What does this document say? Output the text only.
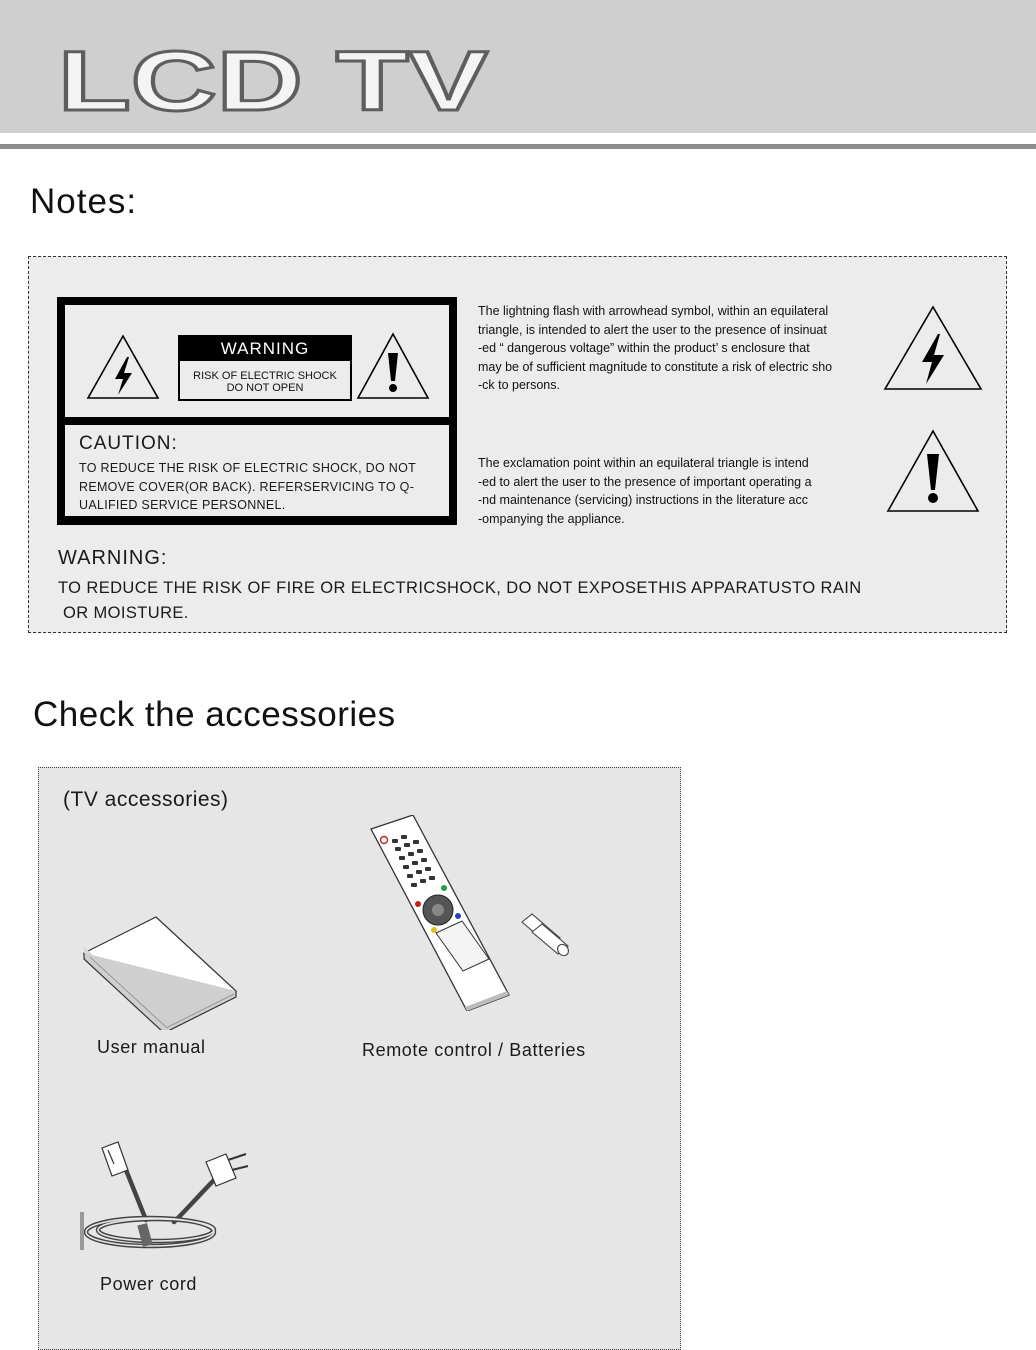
LCD TV
Notes:
WARNING
RISK OF ELECTRIC SHOCK
DO NOT OPEN
CAUTION:
TO REDUCE THE RISK OF ELECTRIC SHOCK, DO NOT REMOVE COVER(OR BACK). REFERSERVICING TO Q-UALIFIED SERVICE PERSONNEL.
The lightning flash with arrowhead symbol, within an equilateral
triangle, is intended to alert the user to the presence of insinuat
-ed “ dangerous voltage” within the product’ s enclosure that
may be of sufficient magnitude to constitute a risk of electric sho
-ck to persons.
The exclamation point within an equilateral triangle is intend
-ed to alert the user to the presence of important operating a
-nd maintenance (servicing) instructions in the literature acc
-ompanying the appliance.
WARNING:
TO REDUCE THE RISK OF FIRE OR ELECTRICSHOCK, DO NOT EXPOSETHIS APPARATUSTO RAIN
OR MOISTURE.
Check the accessories
(TV accessories)
User manual	Remote control / Batteries
Power cord
